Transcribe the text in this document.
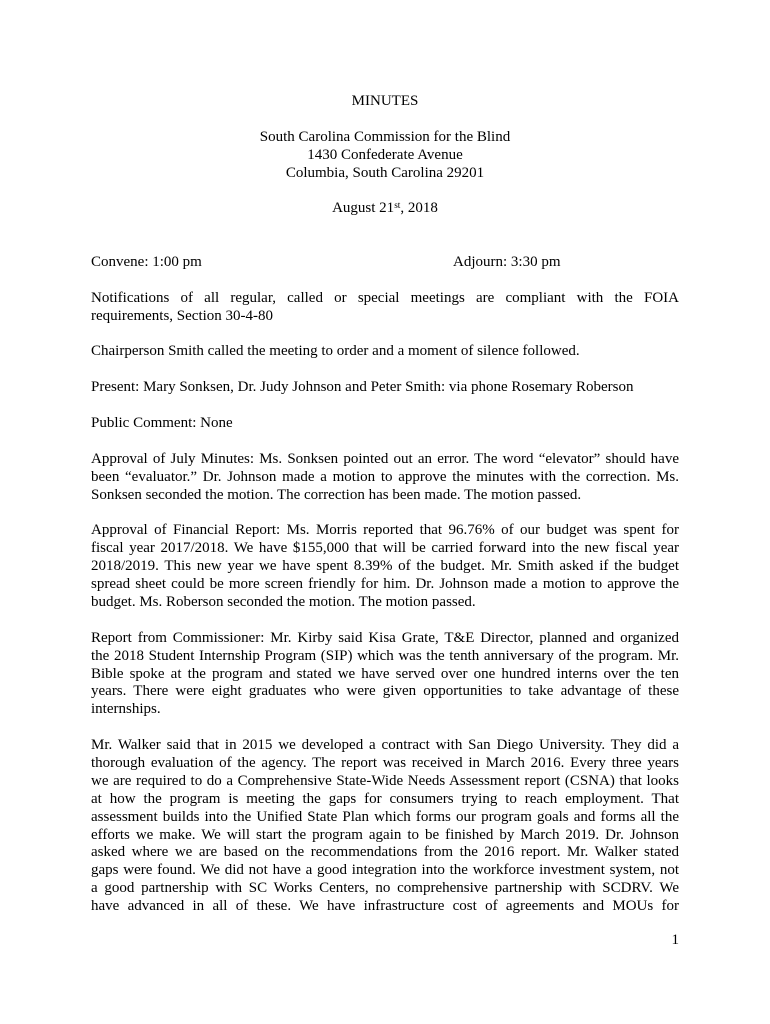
MINUTES
South Carolina Commission for the Blind
1430 Confederate Avenue
Columbia, South Carolina 29201
August 21st, 2018
Convene: 1:00 pm	Adjourn: 3:30 pm
Notifications of all regular, called or special meetings are compliant with the FOIA
requirements, Section 30-4-80
Chairperson Smith called the meeting to order and a moment of silence followed.
Present: Mary Sonksen, Dr. Judy Johnson and Peter Smith: via phone Rosemary Roberson
Public Comment: None
Approval of July Minutes: Ms. Sonksen pointed out an error. The word “elevator” should have
been “evaluator.” Dr. Johnson made a motion to approve the minutes with the correction. Ms.
Sonksen seconded the motion. The correction has been made. The motion passed.
Approval of Financial Report: Ms. Morris reported that 96.76% of our budget was spent for
fiscal year 2017/2018. We have $155,000 that will be carried forward into the new fiscal year
2018/2019. This new year we have spent 8.39% of the budget. Mr. Smith asked if the budget
spread sheet could be more screen friendly for him. Dr. Johnson made a motion to approve the
budget. Ms. Roberson seconded the motion. The motion passed.
Report from Commissioner: Mr. Kirby said Kisa Grate, T&E Director, planned and organized
the 2018 Student Internship Program (SIP) which was the tenth anniversary of the program. Mr.
Bible spoke at the program and stated we have served over one hundred interns over the ten
years. There were eight graduates who were given opportunities to take advantage of these
internships.
Mr. Walker said that in 2015 we developed a contract with San Diego University. They did a
thorough evaluation of the agency. The report was received in March 2016. Every three years
we are required to do a Comprehensive State-Wide Needs Assessment report (CSNA) that looks
at how the program is meeting the gaps for consumers trying to reach employment. That
assessment builds into the Unified State Plan which forms our program goals and forms all the
efforts we make. We will start the program again to be finished by March 2019. Dr. Johnson
asked where we are based on the recommendations from the 2016 report. Mr. Walker stated
gaps were found. We did not have a good integration into the workforce investment system, not
a good partnership with SC Works Centers, no comprehensive partnership with SCDRV. We
have advanced in all of these. We have infrastructure cost of agreements and MOUs for
1
